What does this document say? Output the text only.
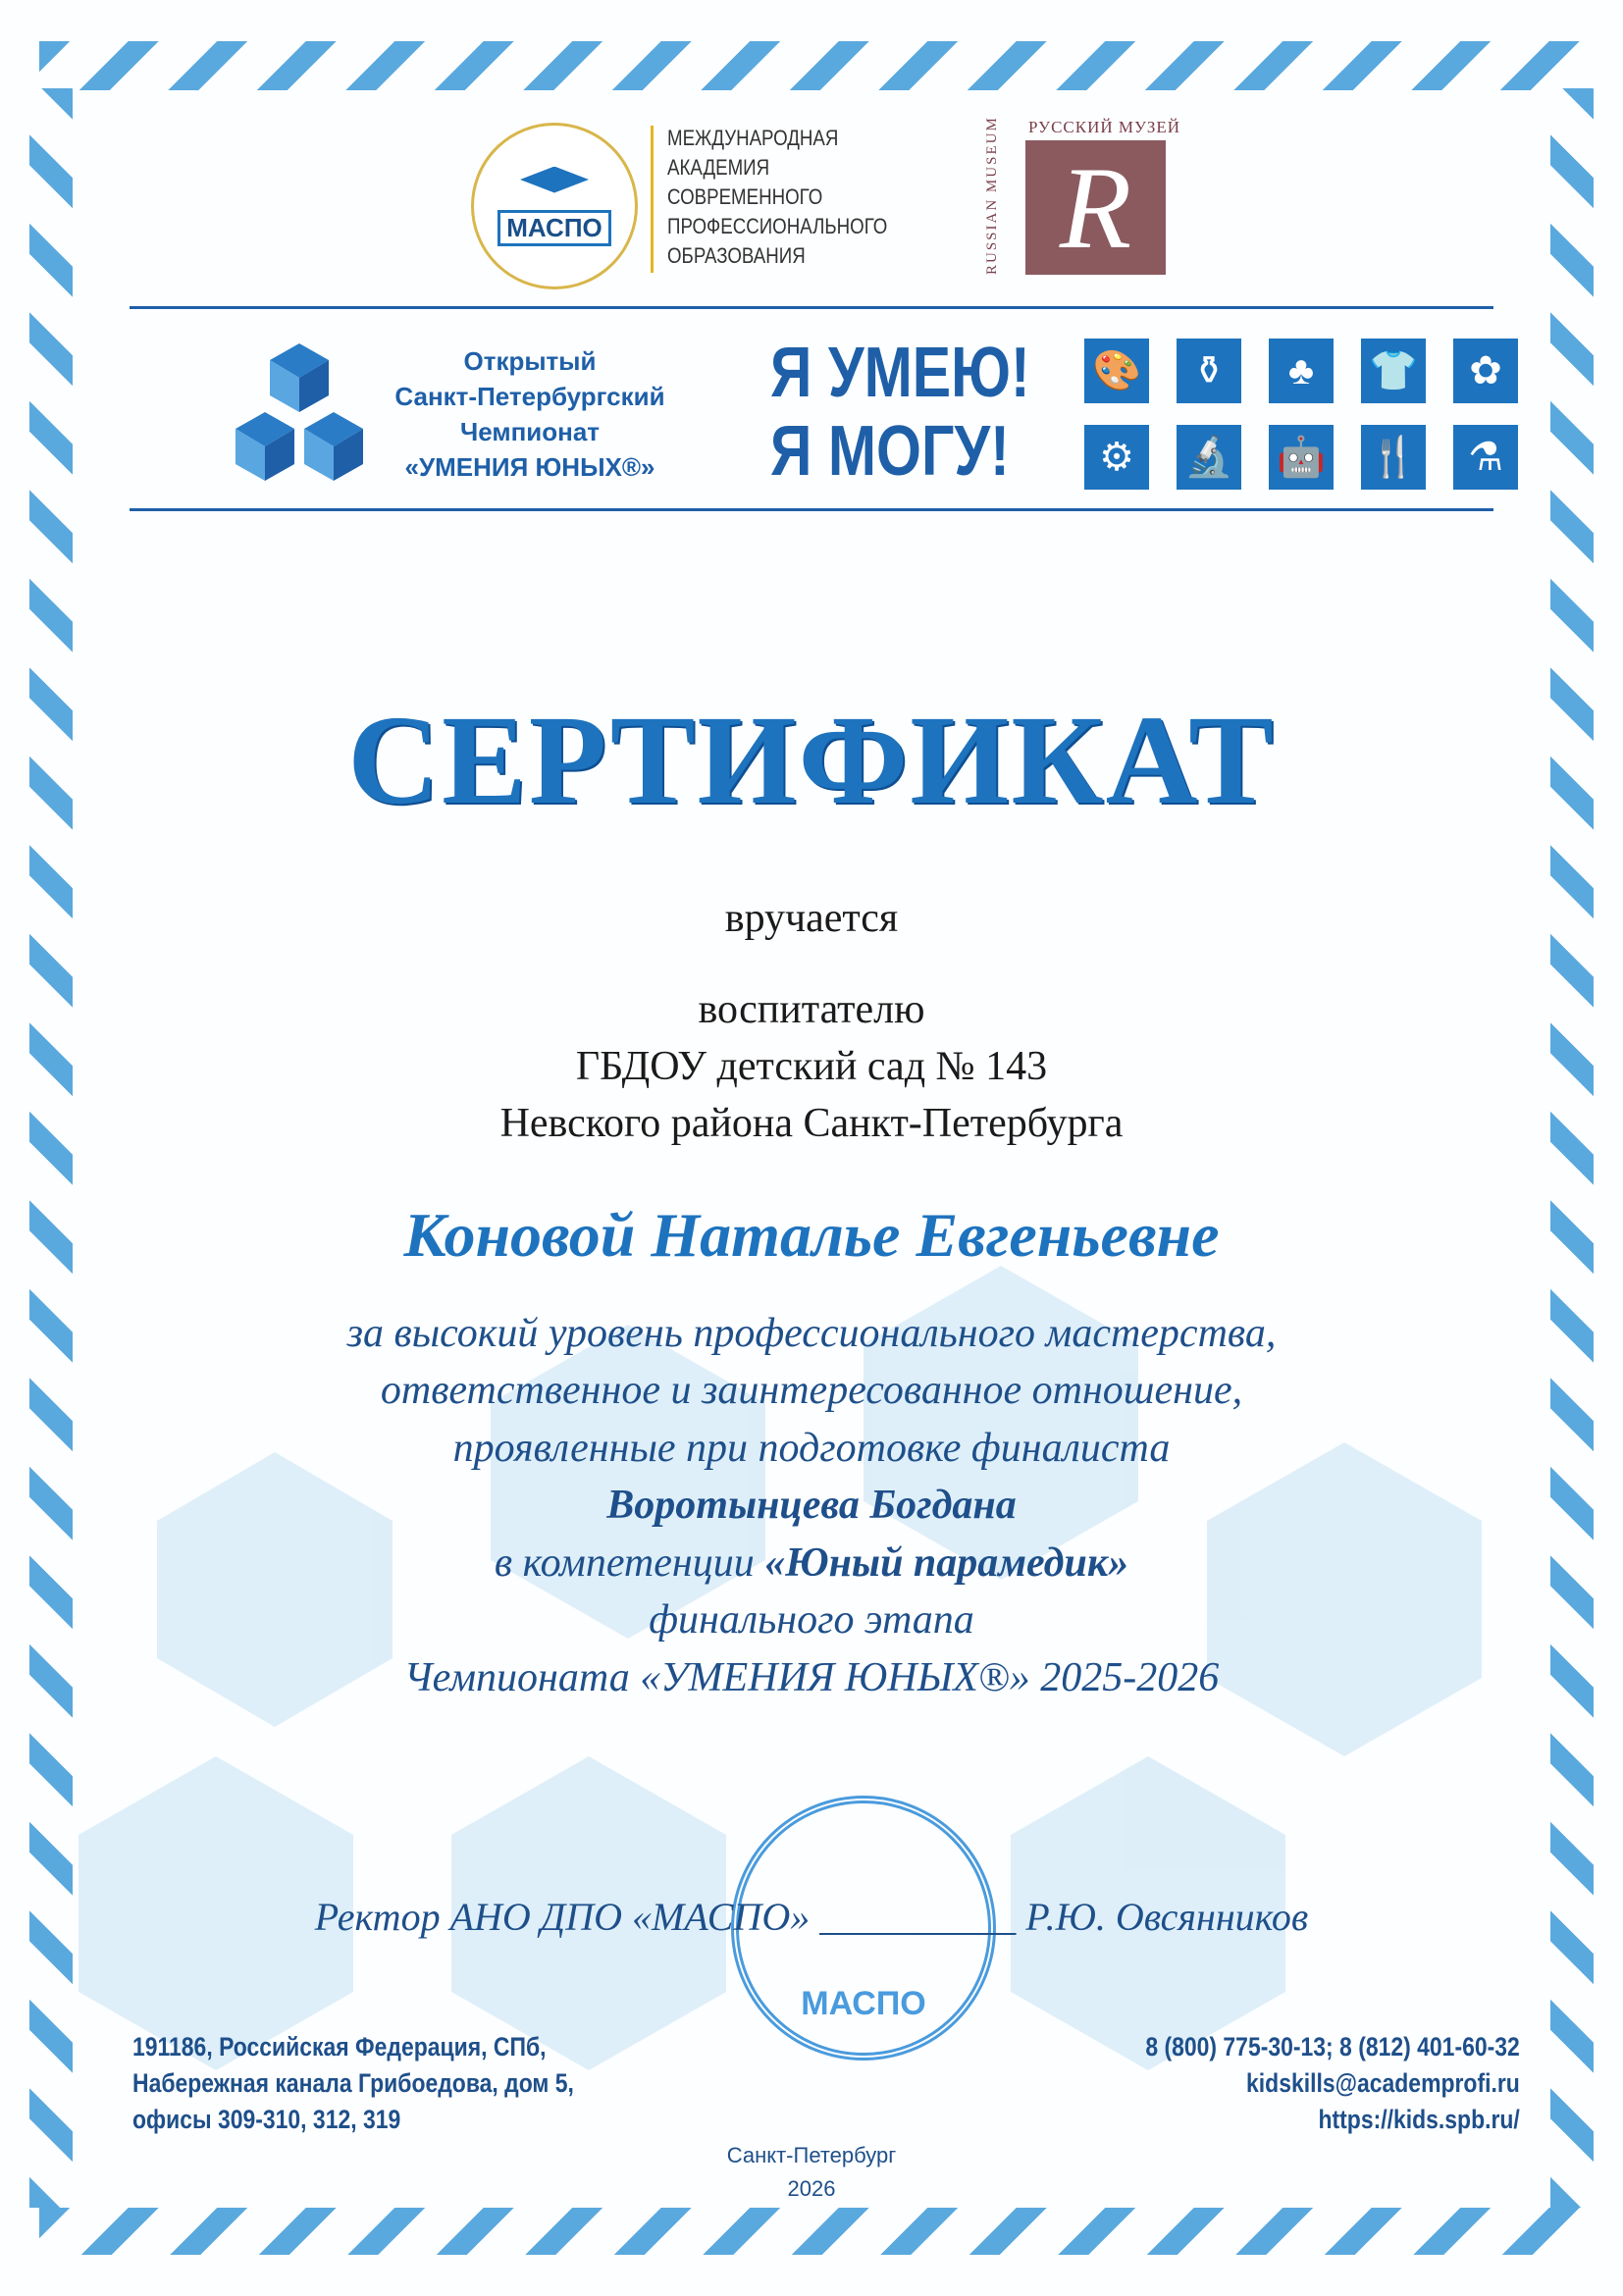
МАСПО
МЕЖДУНАРОДНАЯ
АКАДЕМИЯ
СОВРЕМЕННОГО
ПРОФЕССИОНАЛЬНОГО
ОБРАЗОВАНИЯ
РУССКИЙ МУЗЕЙ
RUSSIAN MUSEUM R
Открытый
Санкт-Петербургский
Чемпионат
«УМЕНИЯ ЮНЫХ®»
Я УМЕЮ!
Я МОГУ!
🎨	⚱	♣	👕	✿
⚙	🔬 🤖 🍴	⚗
СЕРТИФИКАТ
вручается
воспитателю
ГБДОУ детский сад № 143
Невского района Санкт-Петербурга
Коновой Наталье Евгеньевне
за высокий уровень профессионального мастерства,
ответственное и заинтересованное отношение,
проявленные при подготовке финалиста
Воротынцева Богдана
в компетенции «Юный парамедик»
финального этапа
Чемпионата «УМЕНИЯ ЮНЫХ®» 2025-2026
МАСПО
Ректор АНО ДПО «МАСПО» __________ Р.Ю. Овсянников
191186, Российская Федерация, СПб,
Набережная канала Грибоедова, дом 5,
офисы 309-310, 312, 319
8 (800) 775-30-13; 8 (812) 401-60-32
kidskills@academprofi.ru
https://kids.spb.ru/
Санкт-Петербург
2026
